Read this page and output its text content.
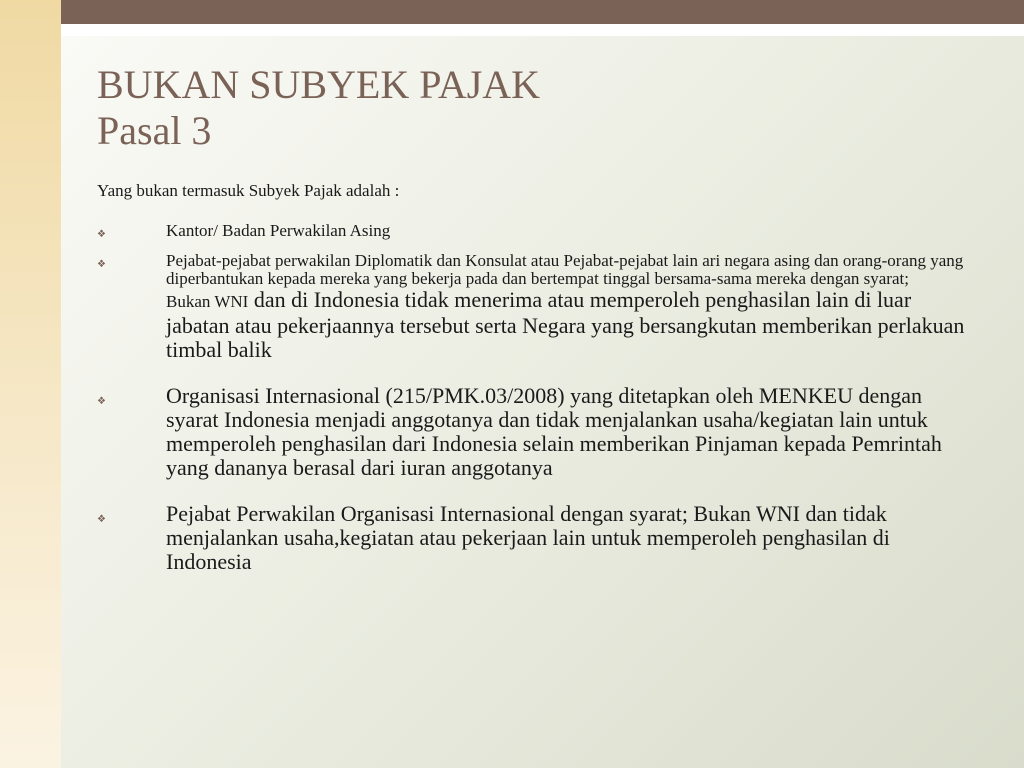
BUKAN SUBYEK PAJAK
Pasal 3
Yang bukan termasuk Subyek Pajak adalah :
❖	Kantor/ Badan Perwakilan Asing
❖	Pejabat-pejabat perwakilan Diplomatik dan Konsulat atau Pejabat-pejabat lain ari negara asing dan orang-orang yang diperbantukan kepada mereka yang bekerja pada dan bertempat tinggal bersama-sama mereka dengan syarat;
Bukan WNI dan di Indonesia tidak menerima atau memperoleh penghasilan lain di luar jabatan atau pekerjaannya tersebut serta Negara yang bersangkutan memberikan perlakuan timbal balik
❖	Organisasi Internasional (215/PMK.03/2008) yang ditetapkan oleh MENKEU dengan syarat Indonesia menjadi anggotanya dan tidak menjalankan usaha/kegiatan lain untuk memperoleh penghasilan dari Indonesia selain memberikan Pinjaman kepada Pemrintah yang dananya berasal dari iuran anggotanya
❖	Pejabat Perwakilan Organisasi Internasional dengan syarat; Bukan WNI dan tidak menjalankan usaha,kegiatan atau pekerjaan lain untuk memperoleh penghasilan di Indonesia
